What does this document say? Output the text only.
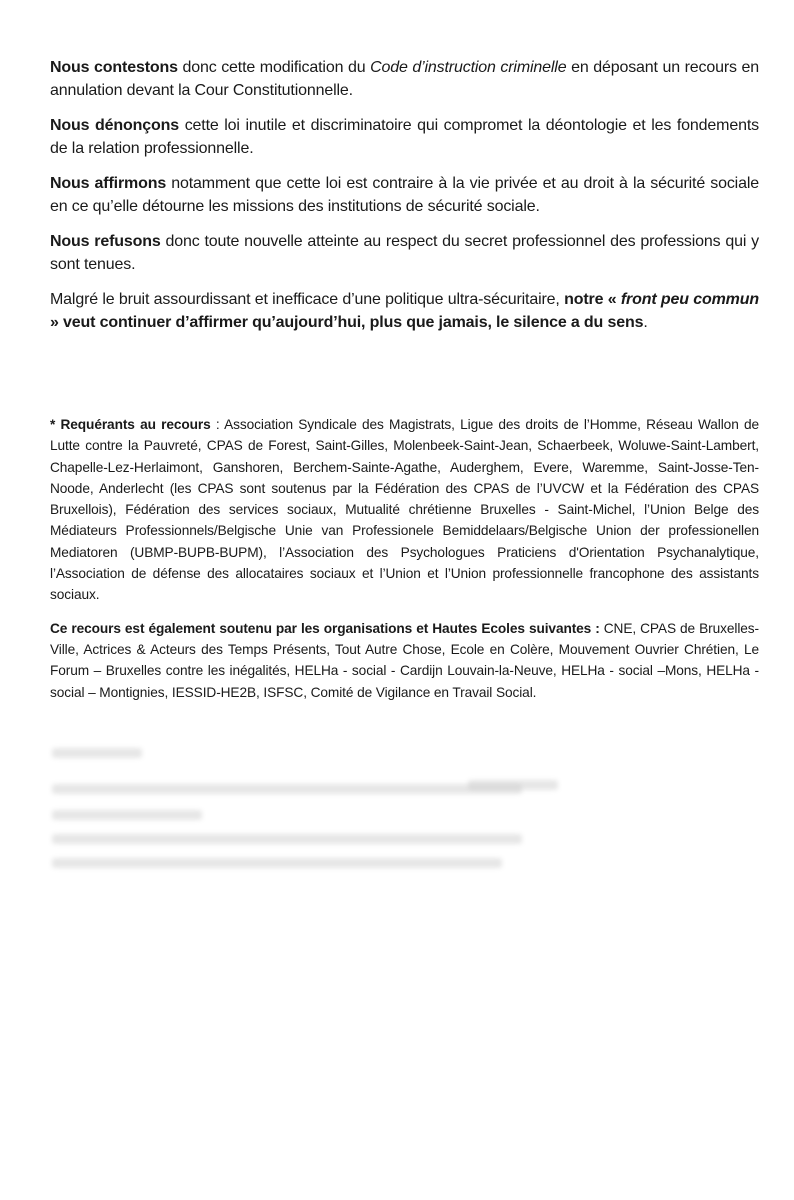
Nous contestons donc cette modification du Code d’instruction criminelle en déposant un recours en annulation devant la Cour Constitutionnelle.

Nous dénonçons cette loi inutile et discriminatoire qui compromet la déontologie et les fondements de la relation professionnelle.

Nous affirmons notamment que cette loi est contraire à la vie privée et au droit à la sécurité sociale en ce qu’elle détourne les missions des institutions de sécurité sociale.

Nous refusons donc toute nouvelle atteinte au respect du secret professionnel des professions qui y sont tenues.

Malgré le bruit assourdissant et inefficace d’une politique ultra-sécuritaire, notre « front peu commun » veut continuer d’affirmer qu’aujourd’hui, plus que jamais, le silence a du sens.

* Requérants au recours : Association Syndicale des Magistrats, Ligue des droits de l’Homme, Réseau Wallon de Lutte contre la Pauvreté, CPAS de Forest, Saint-Gilles, Molenbeek-Saint-Jean, Schaerbeek, Woluwe-Saint-Lambert, Chapelle-Lez-Herlaimont, Ganshoren, Berchem-Sainte-Agathe, Auderghem, Evere, Waremme, Saint-Josse-Ten-Noode, Anderlecht (les CPAS sont soutenus par la Fédération des CPAS de l’UVCW et la Fédération des CPAS Bruxellois), Fédération des services sociaux, Mutualité chrétienne Bruxelles - Saint-Michel, l’Union Belge des Médiateurs Professionnels/Belgische Unie van Professionele Bemiddelaars/Belgische Union der professionellen Mediatoren (UBMP-BUPB-BUPM), l’Association des Psychologues Praticiens d'Orientation Psychanalytique, l’Association de défense des allocataires sociaux et l’Union et l’Union professionnelle francophone des assistants sociaux.

Ce recours est également soutenu par les organisations et Hautes Ecoles suivantes : CNE, CPAS de Bruxelles-Ville, Actrices & Acteurs des Temps Présents, Tout Autre Chose, Ecole en Colère, Mouvement Ouvrier Chrétien, Le Forum – Bruxelles contre les inégalités, HELHa - social - Cardijn Louvain-la-Neuve, HELHa - social –Mons, HELHa - social – Montignies, IESSID-HE2B, ISFSC, Comité de Vigilance en Travail Social.
